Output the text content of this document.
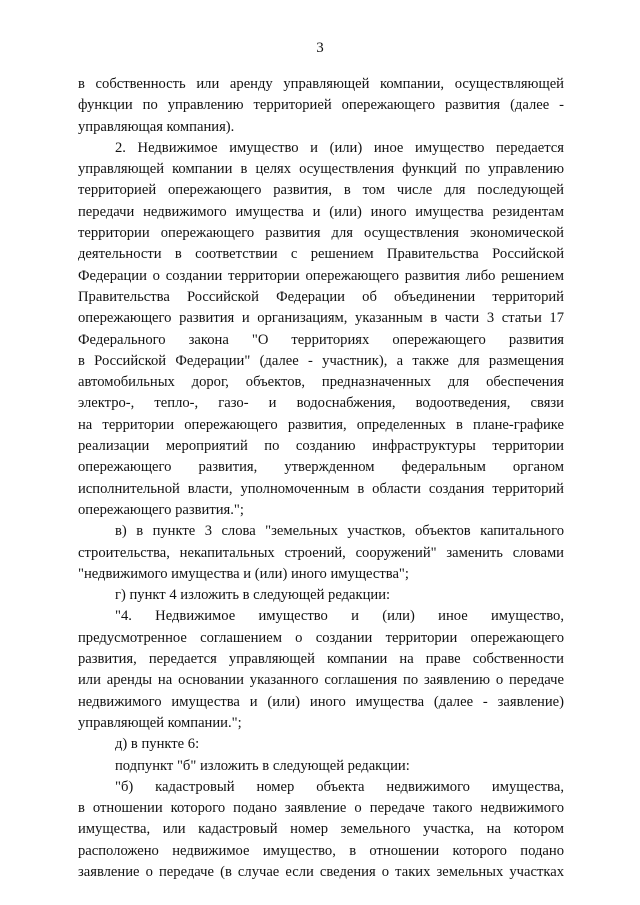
3
в собственность или аренду управляющей компании, осуществляющей
функции по управлению территорией опережающего развития (далее -
управляющая компания).
2. Недвижимое имущество и (или) иное имущество передается
управляющей компании в целях осуществления функций по управлению
территорией опережающего развития, в том числе для последующей
передачи недвижимого имущества и (или) иного имущества резидентам
территории опережающего развития для осуществления экономической
деятельности в соответствии с решением Правительства Российской
Федерации о создании территории опережающего развития либо решением
Правительства Российской Федерации об объединении территорий
опережающего развития и организациям, указанным в части 3 статьи 17
Федерального закона "О территориях опережающего развития
в Российской Федерации" (далее - участник), а также для размещения
автомобильных дорог, объектов, предназначенных для обеспечения
электро-, тепло-, газо- и водоснабжения, водоотведения, связи
на территории опережающего развития, определенных в плане-графике
реализации мероприятий по созданию инфраструктуры территории
опережающего развития, утвержденном федеральным органом
исполнительной власти, уполномоченным в области создания территорий
опережающего развития.";
в) в пункте 3 слова "земельных участков, объектов капитального
строительства, некапитальных строений, сооружений" заменить словами
"недвижимого имущества и (или) иного имущества";
г) пункт 4 изложить в следующей редакции:
"4. Недвижимое имущество и (или) иное имущество,
предусмотренное соглашением о создании территории опережающего
развития, передается управляющей компании на праве собственности
или аренды на основании указанного соглашения по заявлению о передаче
недвижимого имущества и (или) иного имущества (далее - заявление)
управляющей компании.";
д) в пункте 6:
подпункт "б" изложить в следующей редакции:
"б) кадастровый номер объекта недвижимого имущества,
в отношении которого подано заявление о передаче такого недвижимого
имущества, или кадастровый номер земельного участка, на котором
расположено недвижимое имущество, в отношении которого подано
заявление о передаче (в случае если сведения о таких земельных участках
